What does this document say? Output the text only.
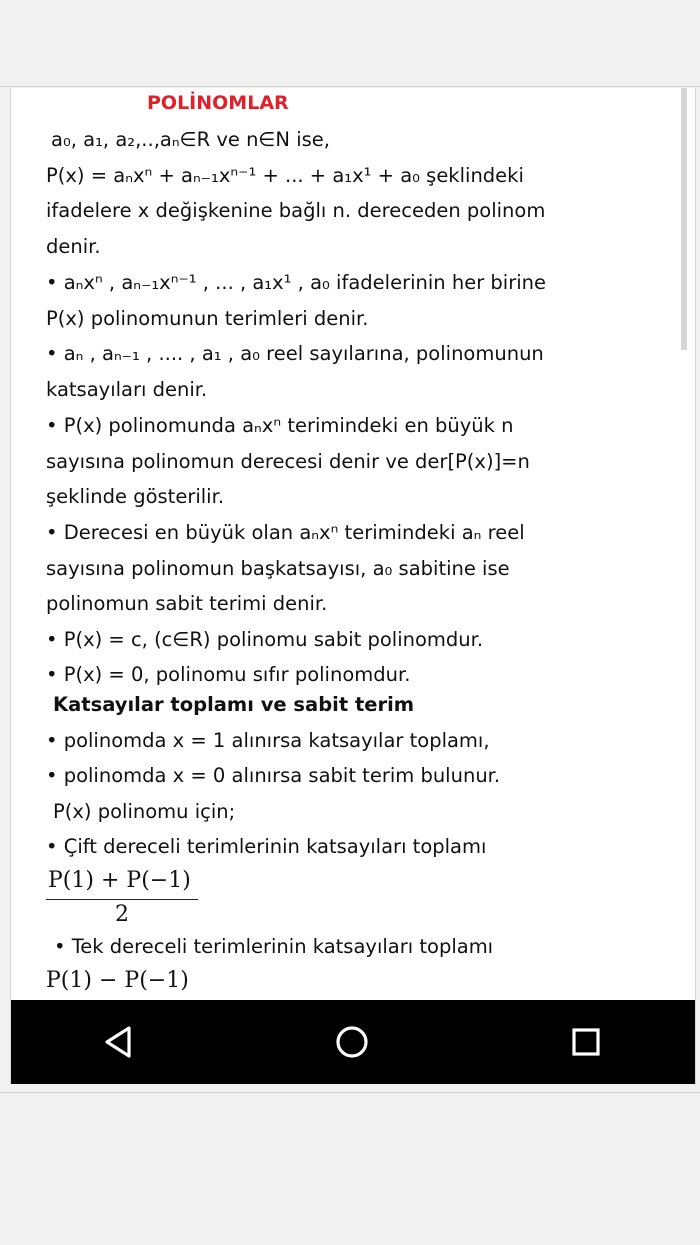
POLİNOMLAR
a₀, a₁, a₂,..,aₙ∈R ve n∈N ise,
P(x) = aₙxⁿ + aₙ₋₁xⁿ⁻¹ + ... + a₁x¹ + a₀ şeklindeki
ifadelere x değişkenine bağlı n. dereceden polinom
denir.
• aₙxⁿ , aₙ₋₁xⁿ⁻¹ , ... , a₁x¹ , a₀ ifadelerinin her birine
P(x) polinomunun terimleri denir.
• aₙ , aₙ₋₁ , .... , a₁ , a₀ reel sayılarına, polinomunun
katsayıları denir.
• P(x) polinomunda aₙxⁿ terimindeki en büyük n
sayısına polinomun derecesi denir ve der[P(x)]=n
şeklinde gösterilir.
• Derecesi en büyük olan aₙxⁿ terimindeki aₙ reel
sayısına polinomun başkatsayısı, a₀ sabitine ise
polinomun sabit terimi denir.
• P(x) = c, (c∈R) polinomu sabit polinomdur.
• P(x) = 0, polinomu sıfır polinomdur.
Katsayılar toplamı ve sabit terim
• polinomda x = 1 alınırsa katsayılar toplamı,
• polinomda x = 0 alınırsa sabit terim bulunur.
P(x) polinomu için;
• Çift dereceli terimlerinin katsayıları toplamı
P(1) + P(−1)
2
• Tek dereceli terimlerinin katsayıları toplamı
P(1) − P(−1)
